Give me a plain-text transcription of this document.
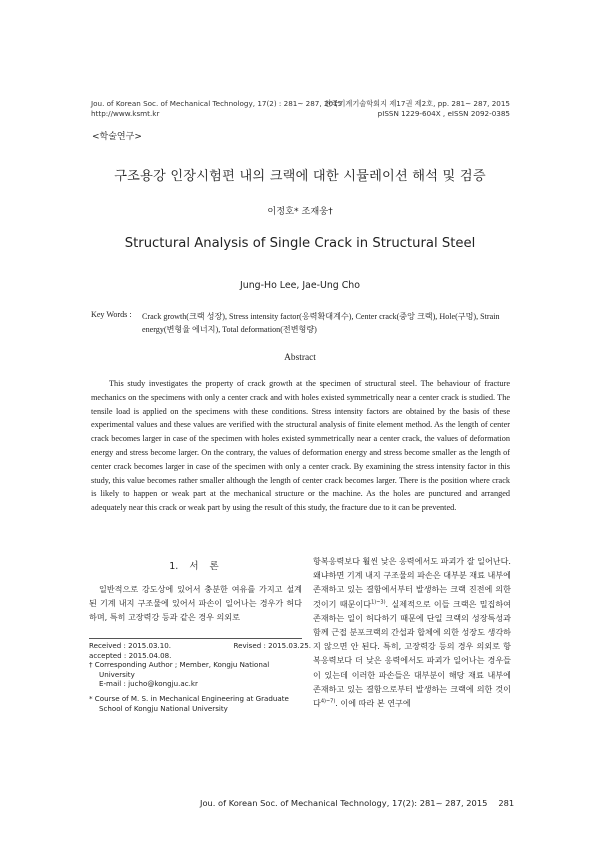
Jou. of Korean Soc. of Mechanical Technology, 17(2) : 281~ 287, 2015
http://www.ksmt.kr
한국기계기술학회지 제17권 제2호, pp. 281~ 287, 2015
pISSN 1229-604X , eISSN 2092-0385
<학술연구>
구조용강 인장시험편 내의 크랙에 대한 시뮬레이션 해석 및 검증
이정호* 조재웅†
Structural Analysis of Single Crack in Structural Steel
Jung-Ho Lee, Jae-Ung Cho
Key Words : Crack growth(크랙 성장), Stress intensity factor(응력확대계수), Center crack(중앙 크랙), Hole(구멍), Strain energy(변형율 에너지), Total deformation(전변형량)
Abstract
This study investigates the property of crack growth at the specimen of structural steel. The behaviour of fracture mechanics on the specimens with only a center crack and with holes existed symmetrically near a center crack is studied. The tensile load is applied on the specimens with these conditions. Stress intensity factors are obtained by the basis of these experimental values and these values are verified with the structural analysis of finite element method. As the length of center crack becomes larger in case of the specimen with holes existed symmetrically near a center crack, the values of deformation energy and stress become larger. On the contrary, the values of deformation energy and stress become smaller as the length of center crack becomes larger in case of the specimen with only a center crack. By examining the stress intensity factor in this study, this value becomes rather smaller although the length of center crack becomes larger. There is the position where crack is likely to happen or weak part at the mechanical structure or the machine. As the holes are punctured and arranged adequately near this crack or weak part by using the result of this study, the fracture due to it can be prevented.
1. 서 론
일반적으로 강도상에 있어서 충분한 여유를 가지고 설계된 기계 내지 구조물에 있어서 파손이 일어나는 경우가 허다하며, 특히 고장력강 등과 같은 경우 의외로
Received : 2015.03.10.	Revised : 2015.03.25.
accepted : 2015.04.08.
† Corresponding Author ; Member, Kongju National
University
E-mail : jucho@kongju.ac.kr
* Course of M. S. in Mechanical Engineering at Graduate
School of Kongju National University
항복응력보다 훨씬 낮은 응력에서도 파괴가 잘 일어난다. 왜냐하면 기계 내지 구조물의 파손은 대부분 재료 내부에 존재하고 있는 결함에서부터 발생하는 크랙 진전에 의한 것이기 때문이다$^{1)\sim 3)}$. 실제적으로 이들 크랙은 밀집하여 존재하는 일이 허다하기 때문에 단일 크랙의 성장특성과 함께 근접 분포크랙의 간섭과 합체에 의한 성장도 생각하지 않으면 안 된다. 특히, 고장력강 등의 경우 의외로 항복응력보다 더 낮은 응력에서도 파괴가 일어나는 경우들이 있는데 이러한 파손들은 대부분이 해당 재료 내부에 존재하고 있는 결함으로부터 발생하는 크랙에 의한 것이다$^{4)\sim 7)}$. 이에 따라 본 연구에
Jou. of Korean Soc. of Mechanical Technology, 17(2): 281~ 287, 2015 　281
